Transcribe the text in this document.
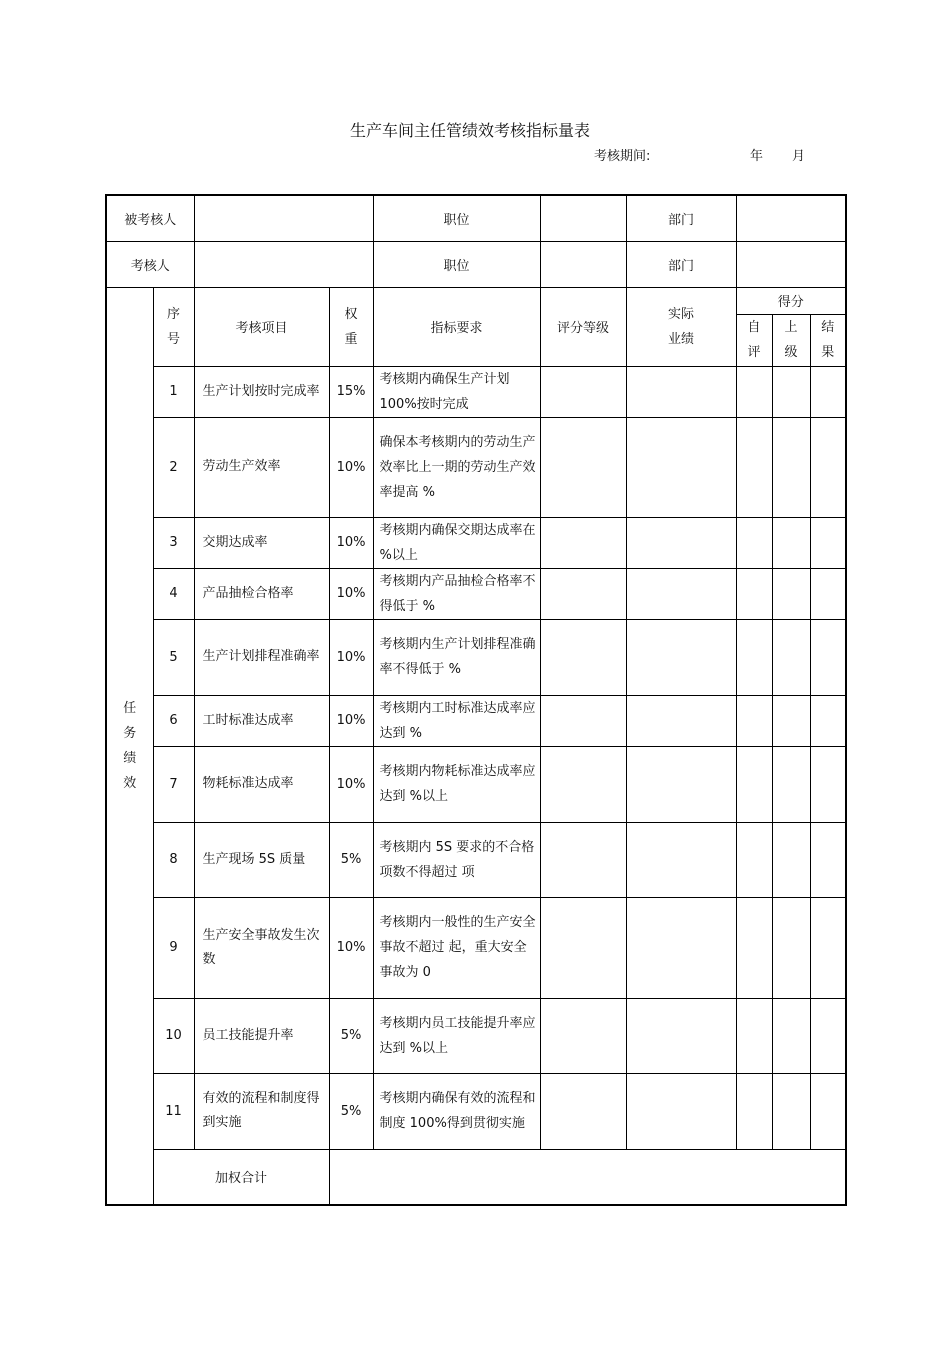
生产车间主任管绩效考核指标量表
考核期间:	年 月
被考核人				职位		部门			
考核人				职位		部门			
任务绩效	序号	考核项目	权重	指标要求	评分等级	实际业绩	得分		
							自评	上级	结果
	1	生产计划按时完成率	15%	考核期内确保生产计划 100%按时完成					
	2	劳动生产效率	10%	确保本考核期内的劳动生产效率比上一期的劳动生产效率提高 %					
	3	交期达成率	10%	考核期内确保交期达成率在 %以上					
	4	产品抽检合格率	10%	考核期内产品抽检合格率不得低于 %					
	5	生产计划排程准确率	10%	考核期内生产计划排程准确率不得低于 %					
	6	工时标准达成率	10%	考核期内工时标准达成率应达到 %					
	7	物耗标准达成率	10%	考核期内物耗标准达成率应达到 %以上					
	8	生产现场 5S 质量	5%	考核期内 5S 要求的不合格项数不得超过 项					
	9	生产安全事故发生次数	10%	考核期内一般性的生产安全事故不超过 起，重大安全事故为 0					
	10	员工技能提升率	5%	考核期内员工技能提升率应达到 %以上					
	11	有效的流程和制度得到实施	5%	考核期内确保有效的流程和制度 100%得到贯彻实施					
	加权合计								
